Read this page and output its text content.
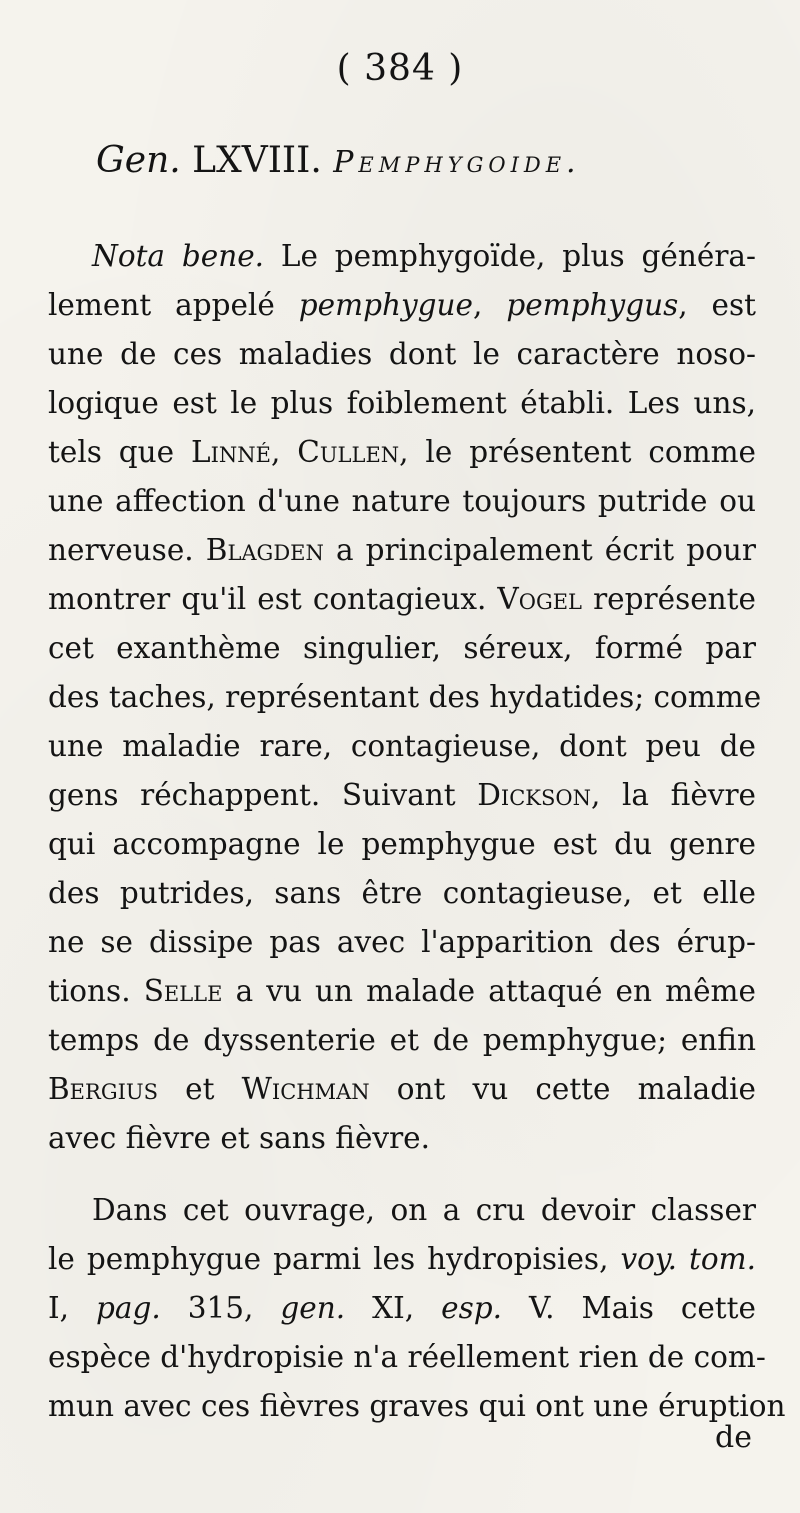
( 384 )
Gen. LXVIII. Pemphygoide.
Nota bene. Le pemphygoïde, plus généra-
lement appelé pemphygue, pemphygus, est
une de ces maladies dont le caractère noso-
logique est le plus foiblement établi. Les uns,
tels que Linné, Cullen, le présentent comme
une affection d'une nature toujours putride ou
nerveuse. Blagden a principalement écrit pour
montrer qu'il est contagieux. Vogel représente
cet exanthème singulier, séreux, formé par
des taches, représentant des hydatides; comme
une maladie rare, contagieuse, dont peu de
gens réchappent. Suivant Dickson, la fièvre
qui accompagne le pemphygue est du genre
des putrides, sans être contagieuse, et elle
ne se dissipe pas avec l'apparition des érup-
tions. Selle a vu un malade attaqué en même
temps de dyssenterie et de pemphygue; enfin
Bergius et Wichman ont vu cette maladie
avec fièvre et sans fièvre.
Dans cet ouvrage, on a cru devoir classer
le pemphygue parmi les hydropisies, voy. tom.
I, pag. 315, gen. XI, esp. V. Mais cette
espèce d'hydropisie n'a réellement rien de com-
mun avec ces fièvres graves qui ont une éruption
de
